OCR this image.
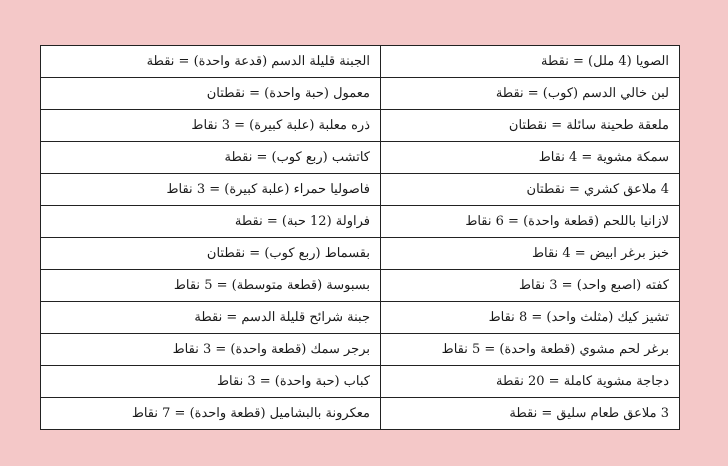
الجبنة قليلة الدسم (قدعة واحدة) = نقطة	الصويا (4 ملل) = نقطة
معمول (حبة واحدة) = نقطتان	لبن خالي الدسم (كوب) = نقطة
ذره معلبة (علبة كبيرة) = 3 نقاط	ملعقة طحينة سائلة = نقطتان
كاتشب (ربع كوب) = نقطة	سمكة مشوية = 4 نقاط
فاصوليا حمراء (علبة كبيرة) = 3 نقاط	4 ملاعق كشري = نقطتان
فراولة (12 حبة) = نقطة	لازانيا باللحم (قطعة واحدة) = 6 نقاط
بقسماط (ربع كوب) = نقطتان	خبز برغر ابيض = 4 نقاط
بسبوسة (قطعة متوسطة) = 5 نقاط	كفته (اصبع واحد) = 3 نقاط
جبنة شرائح قليلة الدسم = نقطة	تشيز كيك (مثلث واحد) = 8 نقاط
برجر سمك (قطعة واحدة) = 3 نقاط	برغر لحم مشوي (قطعة واحدة) = 5 نقاط
كباب (حبة واحدة) = 3 نقاط	دجاجة مشوية كاملة = 20 نقطة
معكرونة بالبشاميل (قطعة واحدة) = 7 نقاط	3 ملاعق طعام سليق = نقطة
